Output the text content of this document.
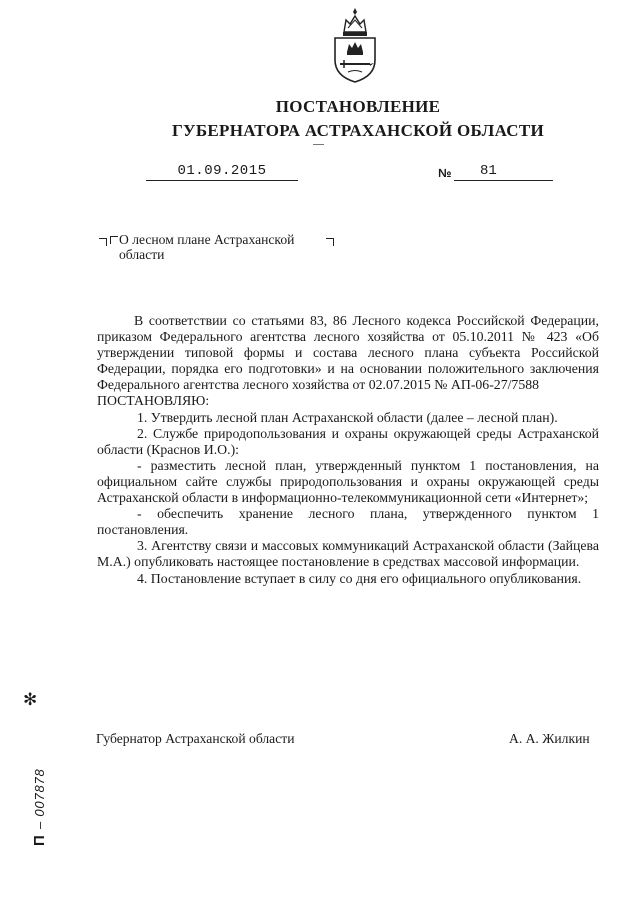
ПОСТАНОВЛЕНИЕ
ГУБЕРНАТОРА АСТРАХАНСКОЙ ОБЛАСТИ
01.09.2015	№	81
О лесном плане Астраханской
области

В соответствии со статьями 83, 86 Лесного кодекса Российской Федерации, приказом Федерального агентства лесного хозяйства от 05.10.2011 № 423 «Об утверждении типовой формы и состава лесного плана субъекта Российской Федерации, порядка его подготовки» и на основании положительного заключения Федерального агентства лесного хозяйства от 02.07.2015 № АП-06-27/7588

ПОСТАНОВЛЯЮ:

1. Утвердить лесной план Астраханской области (далее – лесной план).

2. Службе природопользования и охраны окружающей среды Астраханской области (Краснов И.О.):

- разместить лесной план, утвержденный пунктом 1 постановления, на официальном сайте службы природопользования и охраны окружающей среды Астраханской области в информационно-телекоммуникационной сети «Интернет»;

- обеспечить хранение лесного плана, утвержденного пунктом 1 постановления.

3. Агентству связи и массовых коммуникаций Астраханской области (Зайцева М.А.) опубликовать настоящее постановление в средствах массовой информации.

4. Постановление вступает в силу со дня его официального опубликования.

Губернатор Астраханской области	А. А. Жилкин
✻
П – 007878
